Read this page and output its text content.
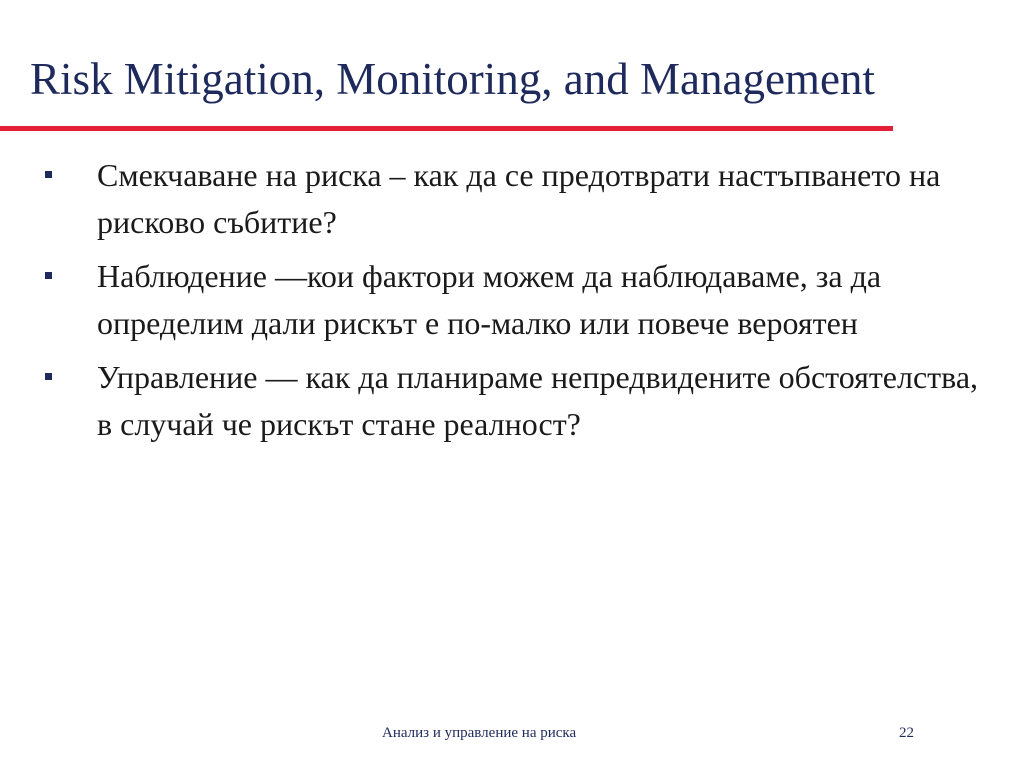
Risk Mitigation, Monitoring, and Management
Смекчаване на риска – как да се предотврати настъпването на рисково събитие?
Наблюдение —кои фактори можем да наблюдаваме, за да определим дали рискът е по-малко или повече вероятен
Управление — как да планираме непредвидените обстоятелства, в случай че рискът стане реалност?
Анализ и управление на риска	22
